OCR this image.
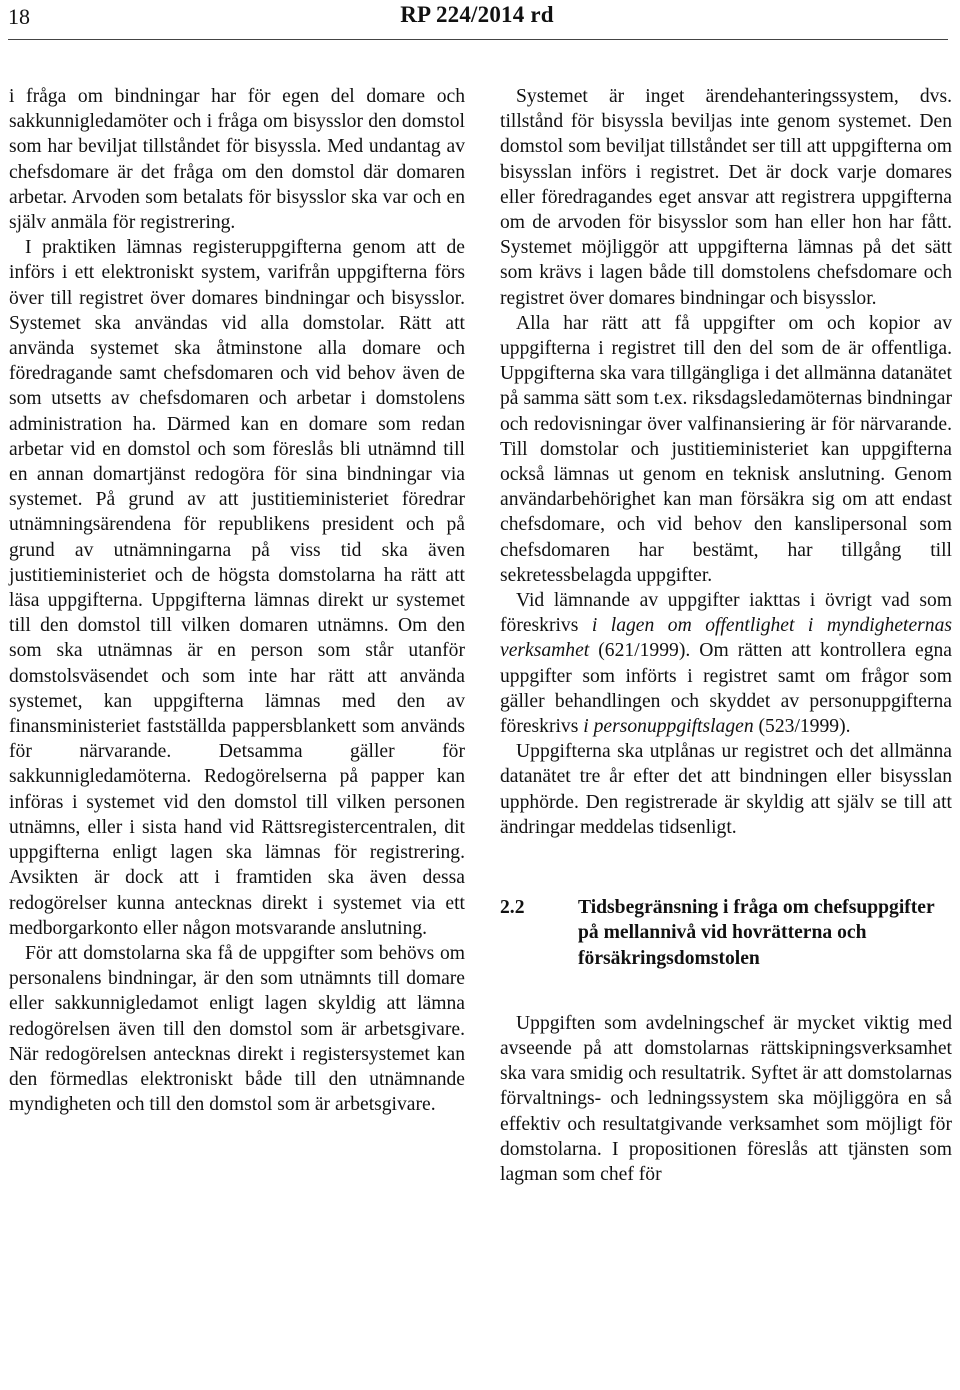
18	RP 224/2014 rd

i fråga om bindningar har för egen del domare och sakkunnigledamöter och i fråga om bisysslor den domstol som har beviljat tillståndet för bisyssla. Med undantag av chefsdomare är det fråga om den domstol där domaren arbetar. Arvoden som betalats för bisysslor ska var och en själv anmäla för registrering.

I praktiken lämnas registeruppgifterna genom att de införs i ett elektroniskt system, varifrån uppgifterna förs över till registret över domares bindningar och bisysslor. Systemet ska användas vid alla domstolar. Rätt att använda systemet ska åtminstone alla domare och föredragande samt chefsdomaren och vid behov även de som utsetts av chefsdomaren och arbetar i domstolens administration ha. Därmed kan en domare som redan arbetar vid en domstol och som föreslås bli utnämnd till en annan domartjänst redogöra för sina bindningar via systemet. På grund av att justitieministeriet föredrar utnämningsärendena för republikens president och på grund av utnämningarna på viss tid ska även justitieministeriet och de högsta domstolarna ha rätt att läsa uppgifterna. Uppgifterna lämnas direkt ur systemet till den domstol till vilken domaren utnämns. Om den som ska utnämnas är en person som står utanför domstolsväsendet och som inte har rätt att använda systemet, kan uppgifterna lämnas med den av finansministeriet fastställda pappersblankett som används för närvarande. Detsamma gäller för sakkunnigledamöterna. Redogörelserna på papper kan införas i systemet vid den domstol till vilken personen utnämns, eller i sista hand vid Rättsregistercentralen, dit uppgifterna enligt lagen ska lämnas för registrering. Avsikten är dock att i framtiden ska även dessa redogörelser kunna antecknas direkt i systemet via ett medborgarkonto eller någon motsvarande anslutning.

För att domstolarna ska få de uppgifter som behövs om personalens bindningar, är den som utnämnts till domare eller sakkunnigledamot enligt lagen skyldig att lämna redogörelsen även till den domstol som är arbetsgivare. När redogörelsen antecknas direkt i registersystemet kan den förmedlas elektroniskt både till den utnämnande myndigheten och till den domstol som är arbetsgivare.

Systemet är inget ärendehanteringssystem, dvs. tillstånd för bisyssla beviljas inte genom systemet. Den domstol som beviljat tillståndet ser till att uppgifterna om bisysslan införs i registret. Det är dock varje domares eller föredragandes eget ansvar att registrera uppgifterna om de arvoden för bisysslor som han eller hon har fått. Systemet möjliggör att uppgifterna lämnas på det sätt som krävs i lagen både till domstolens chefsdomare och registret över domares bindningar och bisysslor.

Alla har rätt att få uppgifter om och kopior av uppgifterna i registret till den del som de är offentliga. Uppgifterna ska vara tillgängliga i det allmänna datanätet på samma sätt som t.ex. riksdagsledamöternas bindningar och redovisningar över valfinansiering är för närvarande. Till domstolar och justitieministeriet kan uppgifterna också lämnas ut genom en teknisk anslutning. Genom användarbehörighet kan man försäkra sig om att endast chefsdomare, och vid behov den kanslipersonal som chefsdomaren har bestämt, har tillgång till sekretessbelagda uppgifter.

Vid lämnande av uppgifter iakttas i övrigt vad som föreskrivs i lagen om offentlighet i myndigheternas verksamhet (621/1999). Om rätten att kontrollera egna uppgifter som införts i registret samt om frågor som gäller behandlingen och skyddet av personuppgifterna föreskrivs i personuppgiftslagen (523/1999).

Uppgifterna ska utplånas ur registret och det allmänna datanätet tre år efter det att bindningen eller bisysslan upphörde. Den registrerade är skyldig att själv se till att ändringar meddelas tidsenligt.

2.2	Tidsbegränsning i fråga om chefsuppgifter på mellannivå vid hovrätterna och försäkringsdomstolen

Uppgiften som avdelningschef är mycket viktig med avseende på att domstolarnas rättskipningsverksamhet ska vara smidig och resultatrik. Syftet är att domstolarnas förvaltnings- och ledningssystem ska möjliggöra en så effektiv och resultatgivande verksamhet som möjligt för domstolarna. I propositionen föreslås att tjänsten som lagman som chef för
